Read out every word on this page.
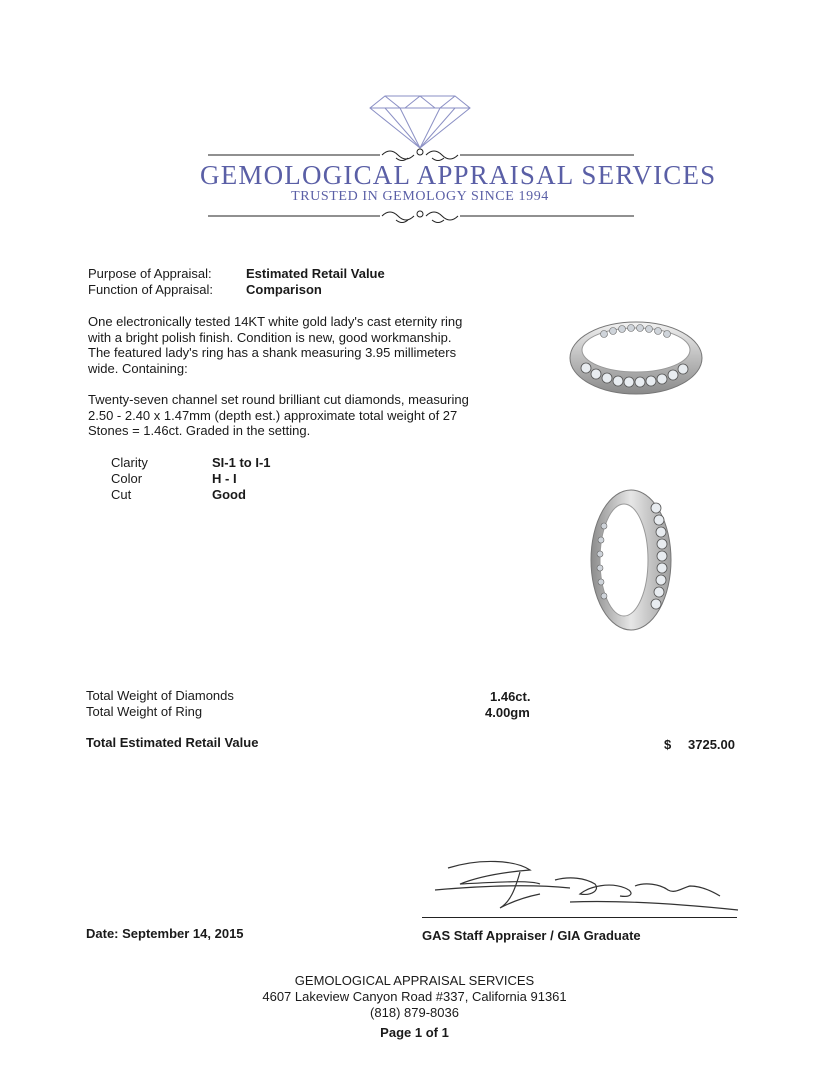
GEMOLOGICAL APPRAISAL SERVICES
TRUSTED IN GEMOLOGY SINCE 1994
Purpose of Appraisal:	Estimated Retail Value
Function of Appraisal:	Comparison
One electronically tested 14KT white gold lady's cast eternity ring
with a bright polish finish. Condition is new, good workmanship.
The featured lady's ring has a shank measuring 3.95 millimeters
wide. Containing:
Twenty-seven channel set round brilliant cut diamonds, measuring
2.50 - 2.40 x 1.47mm (depth est.) approximate total weight of 27
Stones = 1.46ct. Graded in the setting.
Clarity	SI-1 to I-1
Color	H - I
Cut	Good
Total Weight of Diamonds	1.46ct.
Total Weight of Ring	4.00gm
Total Estimated Retail Value	$ 3725.00
Date: September 14, 2015	GAS Staff Appraiser / GIA Graduate
GEMOLOGICAL APPRAISAL SERVICES
4607 Lakeview Canyon Road #337, California 91361
(818) 879-8036
Page 1 of 1
